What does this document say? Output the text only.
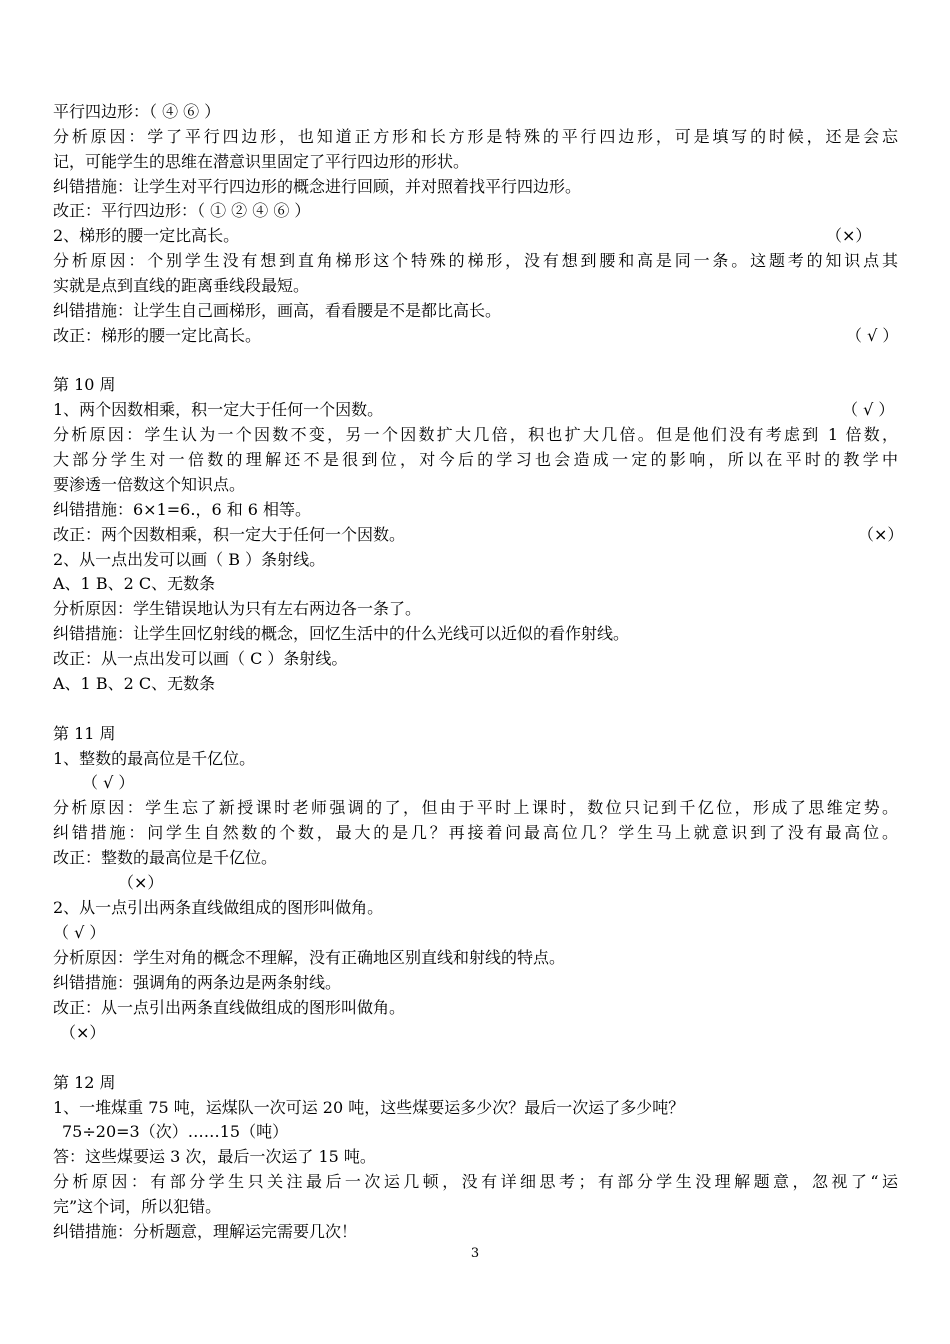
平行四边形：（ ④ ⑥ ）
分析原因：学了平行四边形，也知道正方形和长方形是特殊的平行四边形，可是填写的时候，还是会忘
记，可能学生的思维在潜意识里固定了平行四边形的形状。
纠错措施：让学生对平行四边形的概念进行回顾，并对照着找平行四边形。
改正：平行四边形：（ ① ② ④ ⑥ ）
2、梯形的腰一定比高长。	（×）
分析原因：个别学生没有想到直角梯形这个特殊的梯形，没有想到腰和高是同一条。这题考的知识点其
实就是点到直线的距离垂线段最短。
纠错措施：让学生自己画梯形，画高，看看腰是不是都比高长。
改正：梯形的腰一定比高长。	（ √ ）
第 10 周
1、两个因数相乘，积一定大于任何一个因数。	（ √ ）
分析原因：学生认为一个因数不变，另一个因数扩大几倍，积也扩大几倍。但是他们没有考虑到 1 倍数，
大部分学生对一倍数的理解还不是很到位，对今后的学习也会造成一定的影响，所以在平时的教学中
要渗透一倍数这个知识点。
纠错措施：6×1=6.，6 和 6 相等。
改正：两个因数相乘，积一定大于任何一个因数。	（×）
2、从一点出发可以画（ B ）条射线。
A、1 B、2 C、无数条
分析原因：学生错误地认为只有左右两边各一条了。
纠错措施：让学生回忆射线的概念，回忆生活中的什么光线可以近似的看作射线。
改正：从一点出发可以画（ C ）条射线。
A、1 B、2 C、无数条
第 11 周
1、整数的最高位是千亿位。
（ √ ）
分析原因：学生忘了新授课时老师强调的了，但由于平时上课时，数位只记到千亿位，形成了思维定势。
纠错措施：问学生自然数的个数，最大的是几？再接着问最高位几？学生马上就意识到了没有最高位。
改正：整数的最高位是千亿位。
（×）
2、从一点引出两条直线做组成的图形叫做角。
（ √ ）
分析原因：学生对角的概念不理解，没有正确地区别直线和射线的特点。
纠错措施：强调角的两条边是两条射线。
改正：从一点引出两条直线做组成的图形叫做角。
（×）
第 12 周
1、一堆煤重 75 吨，运煤队一次可运 20 吨，这些煤要运多少次？最后一次运了多少吨？
75÷20=3（次）……15（吨）
答：这些煤要运 3 次，最后一次运了 15 吨。
分析原因：有部分学生只关注最后一次运几顿，没有详细思考；有部分学生没理解题意，忽视了“运
完”这个词，所以犯错。
纠错措施：分析题意，理解运完需要几次！
3
